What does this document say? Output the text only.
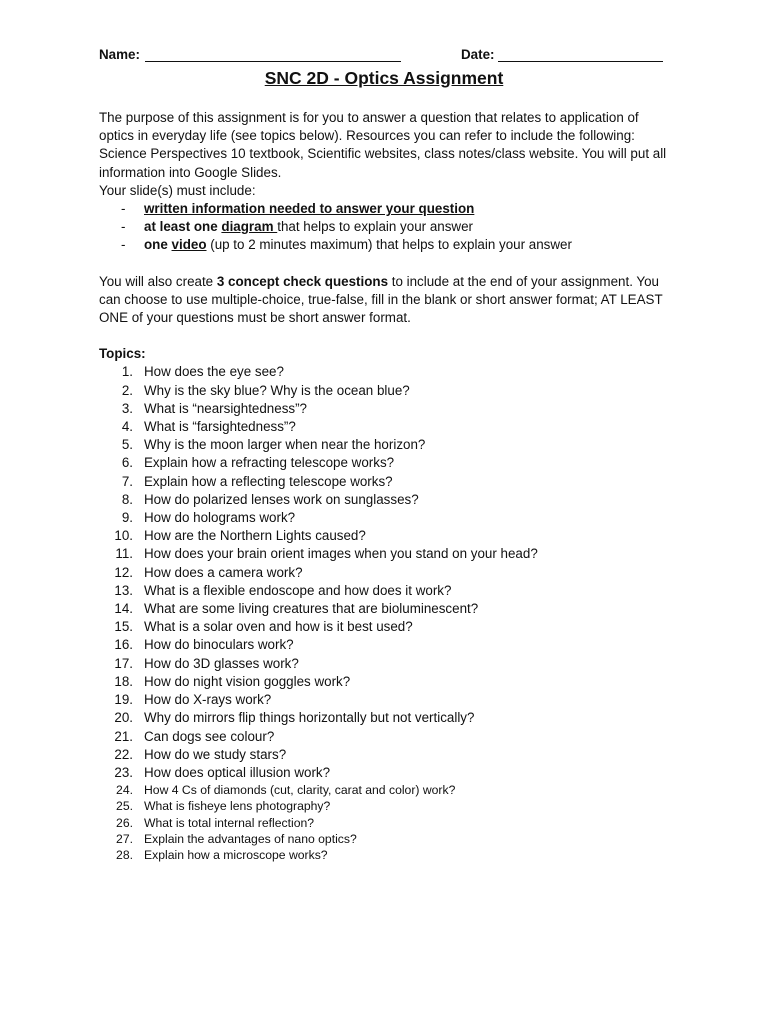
Name:	Date:
SNC 2D - Optics Assignment

The purpose of this assignment is for you to answer a question that relates to application of optics in everyday life (see topics below). Resources you can refer to include the following: Science Perspectives 10 textbook, Scientific websites, class notes/class website. You will put all information into Google Slides.

Your slide(s) must include:

- written information needed to answer your question
- at least one diagram that helps to explain your answer
- one video (up to 2 minutes maximum) that helps to explain your answer

You will also create 3 concept check questions to include at the end of your assignment. You can choose to use multiple-choice, true-false, fill in the blank or short answer format; AT LEAST ONE of your questions must be short answer format.

Topics:

1. How does the eye see?
2. Why is the sky blue? Why is the ocean blue?
3. What is “nearsightedness”?
4. What is “farsightedness”?
5. Why is the moon larger when near the horizon?
6. Explain how a refracting telescope works?
7. Explain how a reflecting telescope works?
8. How do polarized lenses work on sunglasses?
9. How do holograms work?
10. How are the Northern Lights caused?
11. How does your brain orient images when you stand on your head?
12. How does a camera work?
13. What is a flexible endoscope and how does it work?
14. What are some living creatures that are bioluminescent?
15. What is a solar oven and how is it best used?
16. How do binoculars work?
17. How do 3D glasses work?
18. How do night vision goggles work?
19. How do X-rays work?
20. Why do mirrors flip things horizontally but not vertically?
21. Can dogs see colour?
22. How do we study stars?
23. How does optical illusion work?
24. How 4 Cs of diamonds (cut, clarity, carat and color) work?
25. What is fisheye lens photography?
26. What is total internal reflection?
27. Explain the advantages of nano optics?
28. Explain how a microscope works?
